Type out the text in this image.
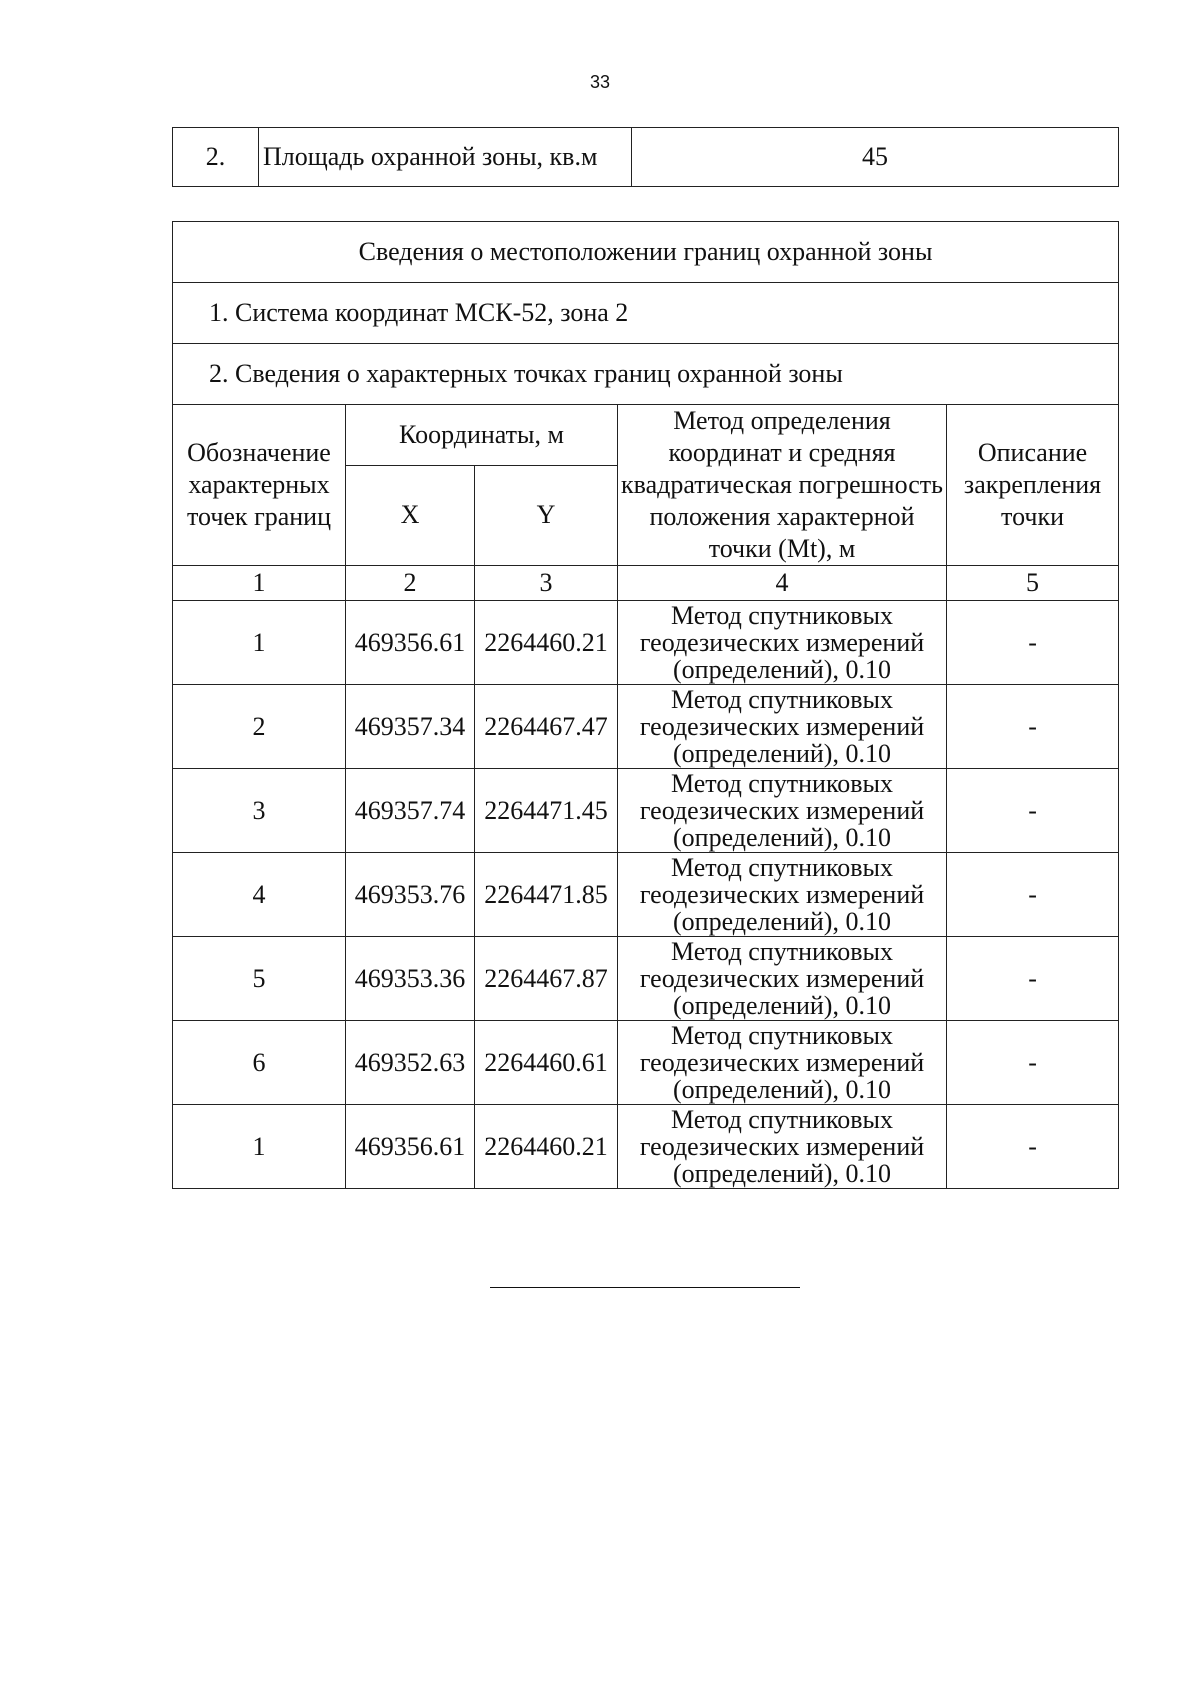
33
2.	Площадь охранной зоны, кв.м	45
Сведения о местоположении границ охранной зоны				
1. Система координат МСК-52, зона 2				
2. Сведения о характерных точках границ охранной зоны				
Обозначение характерных точек границ	Координаты, м		Метод определения координат и средняя квадратическая погрешность положения характерной точки (Mt), м	Описание закрепления точки
	X	Y		
1	2	3	4	5
1	469356.61	2264460.21	Метод спутниковых геодезических измерений (определений), 0.10	-
2	469357.34	2264467.47	Метод спутниковых геодезических измерений (определений), 0.10	-
3	469357.74	2264471.45	Метод спутниковых геодезических измерений (определений), 0.10	-
4	469353.76	2264471.85	Метод спутниковых геодезических измерений (определений), 0.10	-
5	469353.36	2264467.87	Метод спутниковых геодезических измерений (определений), 0.10	-
6	469352.63	2264460.61	Метод спутниковых геодезических измерений (определений), 0.10	-
1	469356.61	2264460.21	Метод спутниковых геодезических измерений (определений), 0.10	-
